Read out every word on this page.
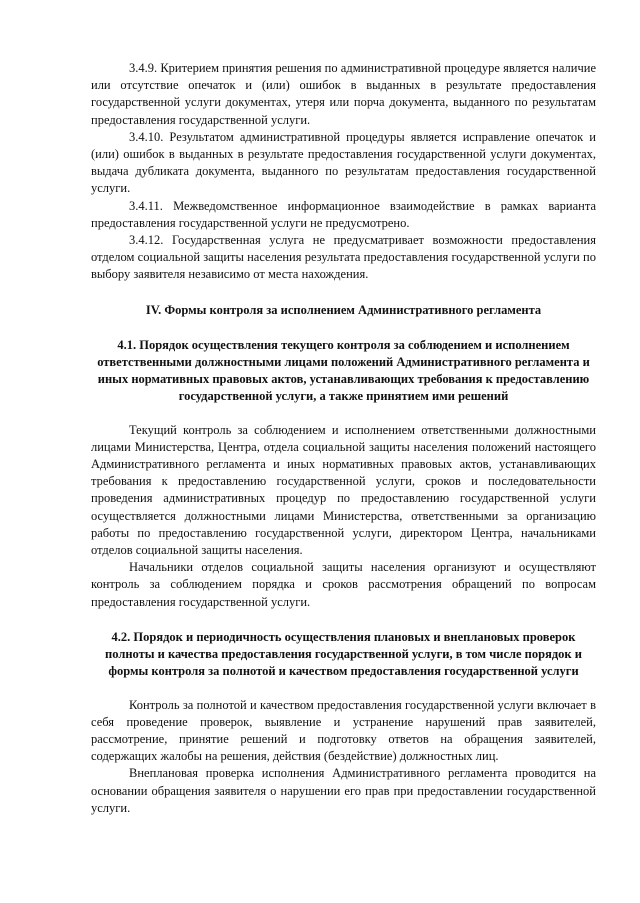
3.4.9. Критерием принятия решения по административной процедуре является наличие или отсутствие опечаток и (или) ошибок в выданных в результате предоставления государственной услуги документах, утеря или порча документа, выданного по результатам предоставления государственной услуги.

3.4.10. Результатом административной процедуры является исправление опечаток и (или) ошибок в выданных в результате предоставления государственной услуги документах, выдача дубликата документа, выданного по результатам предоставления государственной услуги.

3.4.11. Межведомственное информационное взаимодействие в рамках варианта предоставления государственной услуги не предусмотрено.

3.4.12. Государственная услуга не предусматривает возможности предоставления отделом социальной защиты населения результата предоставления государственной услуги по выбору заявителя независимо от места нахождения.

IV. Формы контроля за исполнением Административного регламента
4.1. Порядок осуществления текущего контроля за соблюдением и исполнением ответственными должностными лицами положений Административного регламента и иных нормативных правовых актов, устанавливающих требования к предоставлению государственной услуги, а также принятием ими решений

Текущий контроль за соблюдением и исполнением ответственными должностными лицами Министерства, Центра, отдела социальной защиты населения положений настоящего Административного регламента и иных нормативных правовых актов, устанавливающих требования к предоставлению государственной услуги, сроков и последовательности проведения административных процедур по предоставлению государственной услуги осуществляется должностными лицами Министерства, ответственными за организацию работы по предоставлению государственной услуги, директором Центра, начальниками отделов социальной защиты населения.

Начальники отделов социальной защиты населения организуют и осуществляют контроль за соблюдением порядка и сроков рассмотрения обращений по вопросам предоставления государственной услуги.

4.2. Порядок и периодичность осуществления плановых и внеплановых проверок полноты и качества предоставления государственной услуги, в том числе порядок и формы контроля за полнотой и качеством предоставления государственной услуги

Контроль за полнотой и качеством предоставления государственной услуги включает в себя проведение проверок, выявление и устранение нарушений прав заявителей, рассмотрение, принятие решений и подготовку ответов на обращения заявителей, содержащих жалобы на решения, действия (бездействие) должностных лиц.

Внеплановая проверка исполнения Административного регламента проводится на основании обращения заявителя о нарушении его прав при предоставлении государственной услуги.
